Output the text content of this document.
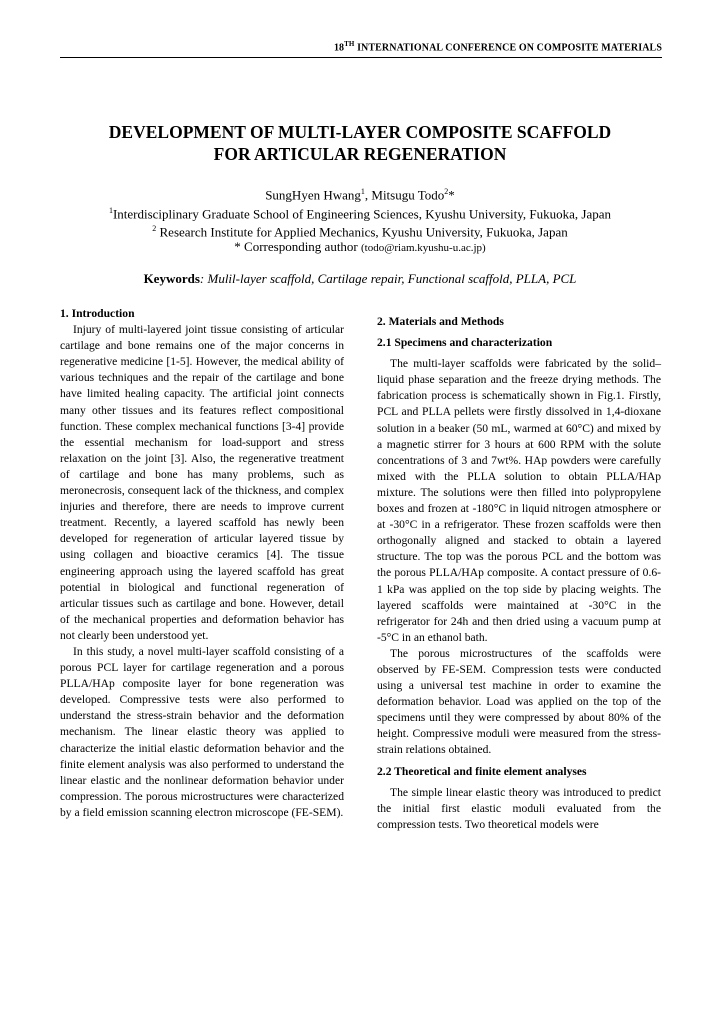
18TH INTERNATIONAL CONFERENCE ON COMPOSITE MATERIALS
DEVELOPMENT OF MULTI-LAYER COMPOSITE SCAFFOLD
FOR ARTICULAR REGENERATION
SungHyen Hwang$^1$, Mitsugu Todo$^2$*
$^1$Interdisciplinary Graduate School of Engineering Sciences, Kyushu University, Fukuoka, Japan
$^2$ Research Institute for Applied Mechanics, Kyushu University, Fukuoka, Japan
* Corresponding author (todo@riam.kyushu-u.ac.jp)
Keywords: Mulil-layer scaffold, Cartilage repair, Functional scaffold, PLLA, PCL

1. Introduction

Injury of multi-layered joint tissue consisting of articular cartilage and bone remains one of the major concerns in regenerative medicine [1-5]. However, the medical ability of various techniques and the repair of the cartilage and bone have limited healing capacity. The artificial joint connects many other tissues and its features reflect compositional function. These complex mechanical functions [3-4] provide the essential mechanism for load-support and stress relaxation on the joint [3]. Also, the regenerative treatment of cartilage and bone has many problems, such as meronecrosis, consequent lack of the thickness, and complex injuries and therefore, there are needs to improve current treatment. Recently, a layered scaffold has newly been developed for regeneration of articular layered tissue by using collagen and bioactive ceramics [4]. The tissue engineering approach using the layered scaffold has great potential in biological and functional regeneration of articular tissues such as cartilage and bone. However, detail of the mechanical properties and deformation behavior has not clearly been understood yet.

In this study, a novel multi-layer scaffold consisting of a porous PCL layer for cartilage regeneration and a porous PLLA/HAp composite layer for bone regeneration was developed. Compressive tests were also performed to understand the stress-strain behavior and the deformation mechanism. The linear elastic theory was applied to characterize the initial elastic deformation behavior and the finite element analysis was also performed to understand the linear elastic and the nonlinear deformation behavior under compression. The porous microstructures were characterized by a field emission scanning electron microscope (FE-SEM).

2. Materials and Methods

2.1 Specimens and characterization

The multi-layer scaffolds were fabricated by the solid–liquid phase separation and the freeze drying methods. The fabrication process is schematically shown in Fig.1. Firstly, PCL and PLLA pellets were firstly dissolved in 1,4-dioxane solution in a beaker (50 mL, warmed at 60°C) and mixed by a magnetic stirrer for 3 hours at 600 RPM with the solute concentrations of 3 and 7wt%. HAp powders were carefully mixed with the PLLA solution to obtain PLLA/HAp mixture. The solutions were then filled into polypropylene boxes and frozen at -180°C in liquid nitrogen atmosphere or at -30°C in a refrigerator. These frozen scaffolds were then orthogonally aligned and stacked to obtain a layered structure. The top was the porous PCL and the bottom was the porous PLLA/HAp composite. A contact pressure of 0.6-1 kPa was applied on the top side by placing weights. The layered scaffolds were maintained at -30°C in the refrigerator for 24h and then dried using a vacuum pump at -5°C in an ethanol bath.

The porous microstructures of the scaffolds were observed by FE-SEM. Compression tests were conducted using a universal test machine in order to examine the deformation behavior. Load was applied on the top of the specimens until they were compressed by about 80% of the height. Compressive moduli were measured from the stress-strain relations obtained.

2.2 Theoretical and finite element analyses

The simple linear elastic theory was introduced to predict the initial first elastic moduli evaluated from the compression tests. Two theoretical models were
